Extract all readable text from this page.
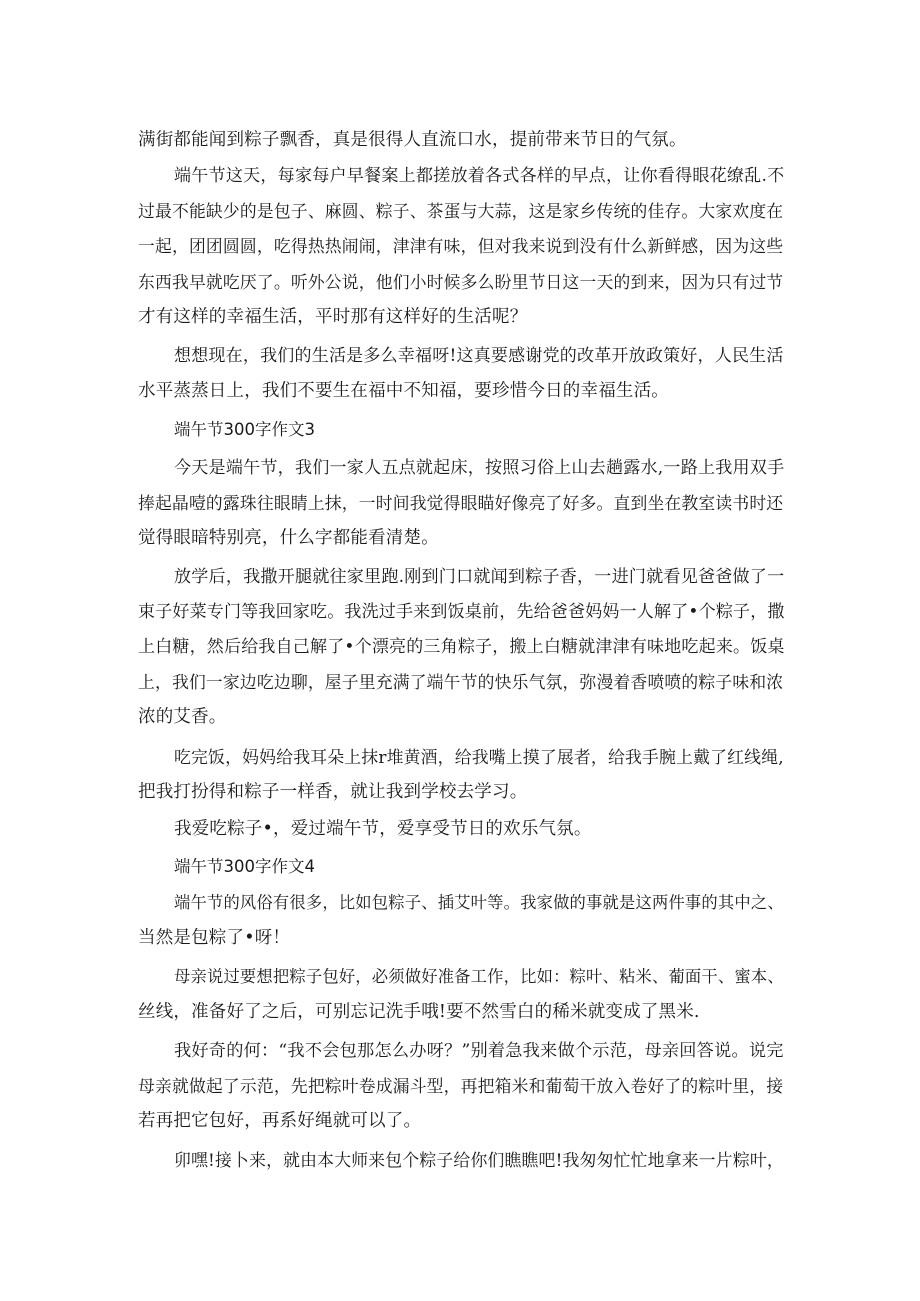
满街都能闻到粽子飘香，真是很得人直流口水，提前带来节日的气氛。
端午节这天，每家每户早餐案上都搓放着各式各样的早点，让你看得眼花缭乱.不
过最不能缺少的是包子、麻圆、粽子、茶蛋与大蒜，这是家乡传统的佳存。大家欢度在
一起，团团圆圆，吃得热热闹闹，津津有味，但对我来说到没有什么新鲜感，因为这些
东西我早就吃厌了。听外公说，他们小时候多么盼里节日这一天的到来，因为只有过节
才有这样的幸福生活，平时那有这样好的生活呢？
想想现在，我们的生活是多么幸福呀!这真要感谢党的改革开放政策好，人民生活
水平蒸蒸日上，我们不要生在福中不知福，要珍惜今日的幸福生活。
端午节300字作文3
今天是端午节，我们一家人五点就起床，按照习俗上山去趟露水,一路上我用双手
捧起晶噎的露珠往眼睛上抹，一时间我觉得眼瞄好像亮了好多。直到坐在教室读书时还
觉得眼暗特别亮，什么字都能看清楚。
放学后，我撒开腿就往家里跑.刚到门口就闻到粽子香，一进门就看见爸爸做了一
束子好菜专门等我回家吃。我洗过手来到饭桌前，先给爸爸妈妈一人解了•个粽子，撒
上白糖，然后给我自己解了•个漂亮的三角粽子，搬上白糖就津津有味地吃起来。饭桌
上，我们一家边吃边聊，屋子里充满了端午节的快乐气氛，弥漫着香喷喷的粽子味和浓
浓的艾香。
吃完饭，妈妈给我耳朵上抹r堆黄酒，给我嘴上摸了展者，给我手腕上戴了红线绳,
把我打扮得和粽子一样香，就让我到学校去学习。
我爱吃粽子•，爱过端午节，爱享受节日的欢乐气氛。
端午节300字作文4
端午节的风俗有很多，比如包粽子、插艾叶等。我家做的事就是这两件事的其中之、
当然是包粽了•呀！
母亲说过要想把粽子包好，必须做好准备工作，比如：粽叶、粘米、葡面干、蜜本、
丝线，准备好了之后，可别忘记洗手哦!要不然雪白的稀米就变成了黑米.
我好奇的何：“我不会包那怎么办呀？”别着急我来做个示范，母亲回答说。说完
母亲就做起了示范，先把粽叶卷成漏斗型，再把箱米和葡萄干放入卷好了的粽叶里，接
若再把它包好，再系好绳就可以了。
卯嘿!接卜来，就由本大师来包个粽子给你们瞧瞧吧!我匆匆忙忙地拿来一片粽叶，
